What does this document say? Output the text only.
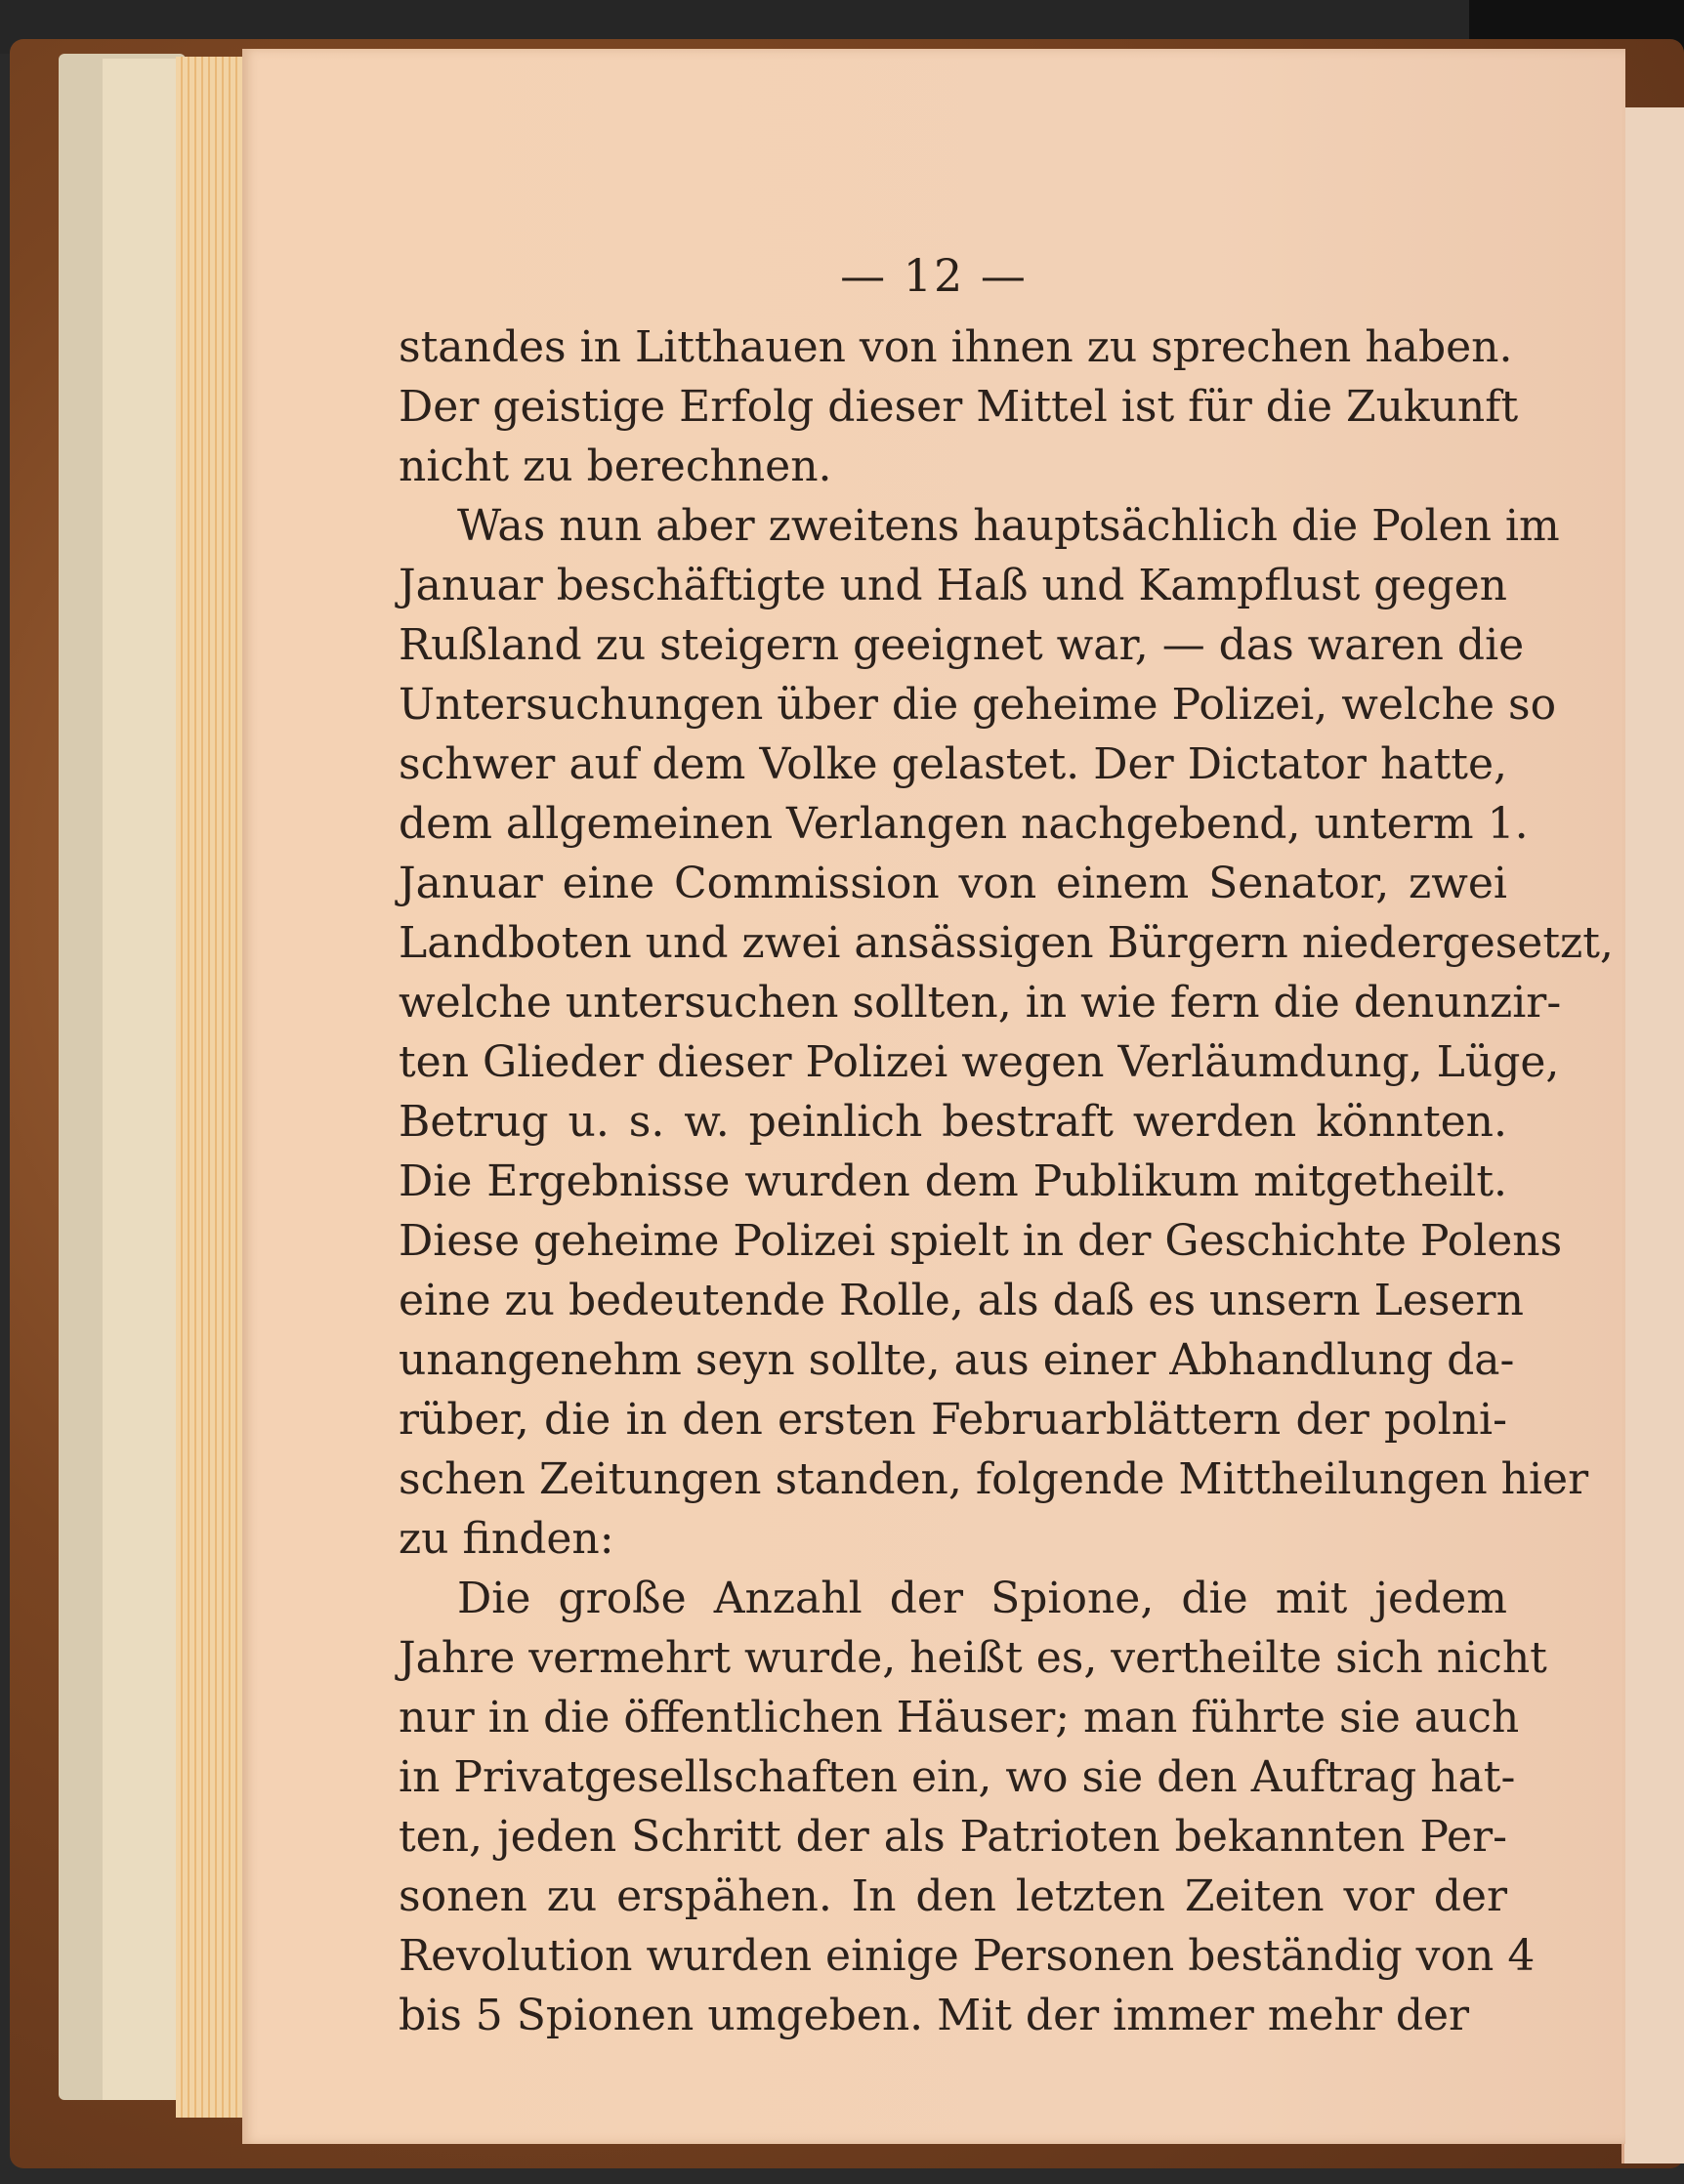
— 12 —
standes in Litthauen von ihnen zu sprechen haben.
Der geistige Erfolg dieser Mittel ist für die Zukunft
nicht zu berechnen.
Was nun aber zweitens hauptsächlich die Polen im
Januar beschäftigte und Haß und Kampflust gegen
Rußland zu steigern geeignet war, — das waren die
Untersuchungen über die geheime Polizei, welche so
schwer auf dem Volke gelastet. Der Dictator hatte,
dem allgemeinen Verlangen nachgebend, unterm 1.
Januar eine Commission von einem Senator, zwei
Landboten und zwei ansässigen Bürgern niedergesetzt,
welche untersuchen sollten, in wie fern die denunzir-
ten Glieder dieser Polizei wegen Verläumdung, Lüge,
Betrug u. s. w. peinlich bestraft werden könnten.
Die Ergebnisse wurden dem Publikum mitgetheilt.
Diese geheime Polizei spielt in der Geschichte Polens
eine zu bedeutende Rolle, als daß es unsern Lesern
unangenehm seyn sollte, aus einer Abhandlung da-
rüber, die in den ersten Februarblättern der polni-
schen Zeitungen standen, folgende Mittheilungen hier
zu finden:
Die große Anzahl der Spione, die mit jedem
Jahre vermehrt wurde, heißt es, vertheilte sich nicht
nur in die öffentlichen Häuser; man führte sie auch
in Privatgesellschaften ein, wo sie den Auftrag hat-
ten, jeden Schritt der als Patrioten bekannten Per-
sonen zu erspähen. In den letzten Zeiten vor der
Revolution wurden einige Personen beständig von 4
bis 5 Spionen umgeben. Mit der immer mehr der
